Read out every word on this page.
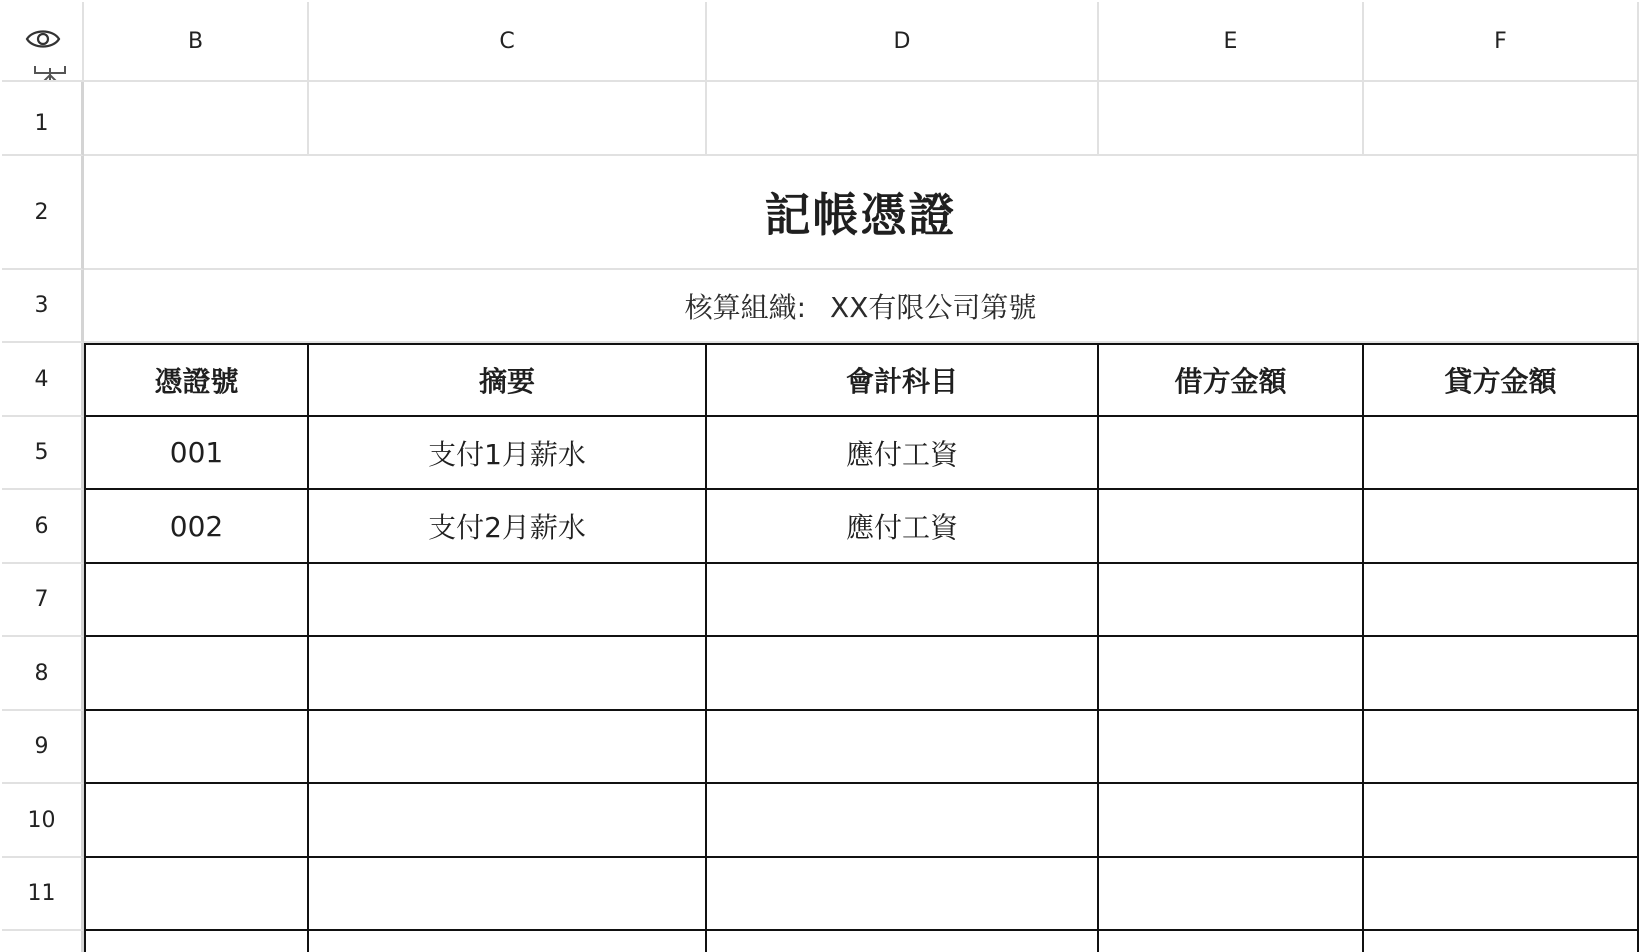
B	C	D	E	F
1
2	記帳憑證
3	核算組織: XX有限公司第號
4	憑證號	摘要	會計科目	借方金額	貸方金額
5	001	支付1月薪水	應付工資
6	002	支付2月薪水	應付工資
7
8
9
10
11
